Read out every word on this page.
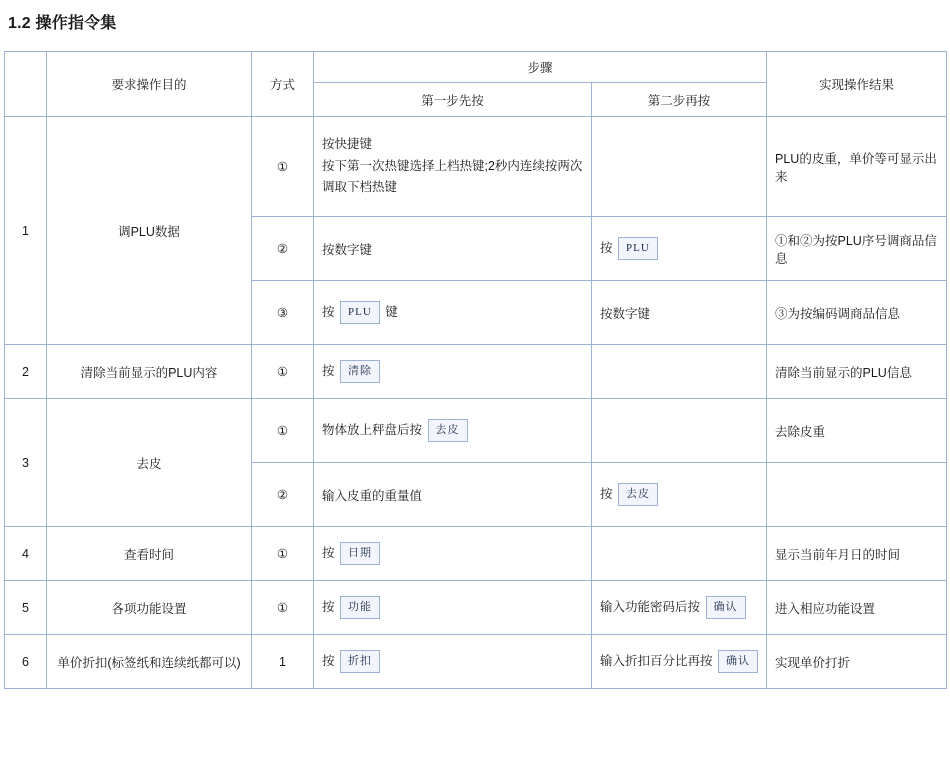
1.2 操作指令集
	要求操作目的	方式	步骤		实现操作结果
			第一步先按	第二步再按	
1	调PLU数据	①	按快捷键
按下第一次热键选择上档热键;2秒内连续按两次
调取下档热键		PLU的皮重，单价等可显示出来
		②	按数字键	按 PLU	①和②为按PLU序号调商品信息
		③	按 PLU 键	按数字键	③为按编码调商品信息
2	清除当前显示的PLU内容	①	按 清除		清除当前显示的PLU信息
3	去皮	①	物体放上秤盘后按 去皮		去除皮重
		②	输入皮重的重量值	按 去皮	
4	查看时间	①	按 日期		显示当前年月日的时间
5	各项功能设置	①	按 功能	输入功能密码后按 确认	进入相应功能设置
6	单价折扣(标签纸和连续纸都可以)	1	按 折扣	输入折扣百分比再按 确认	实现单价打折
